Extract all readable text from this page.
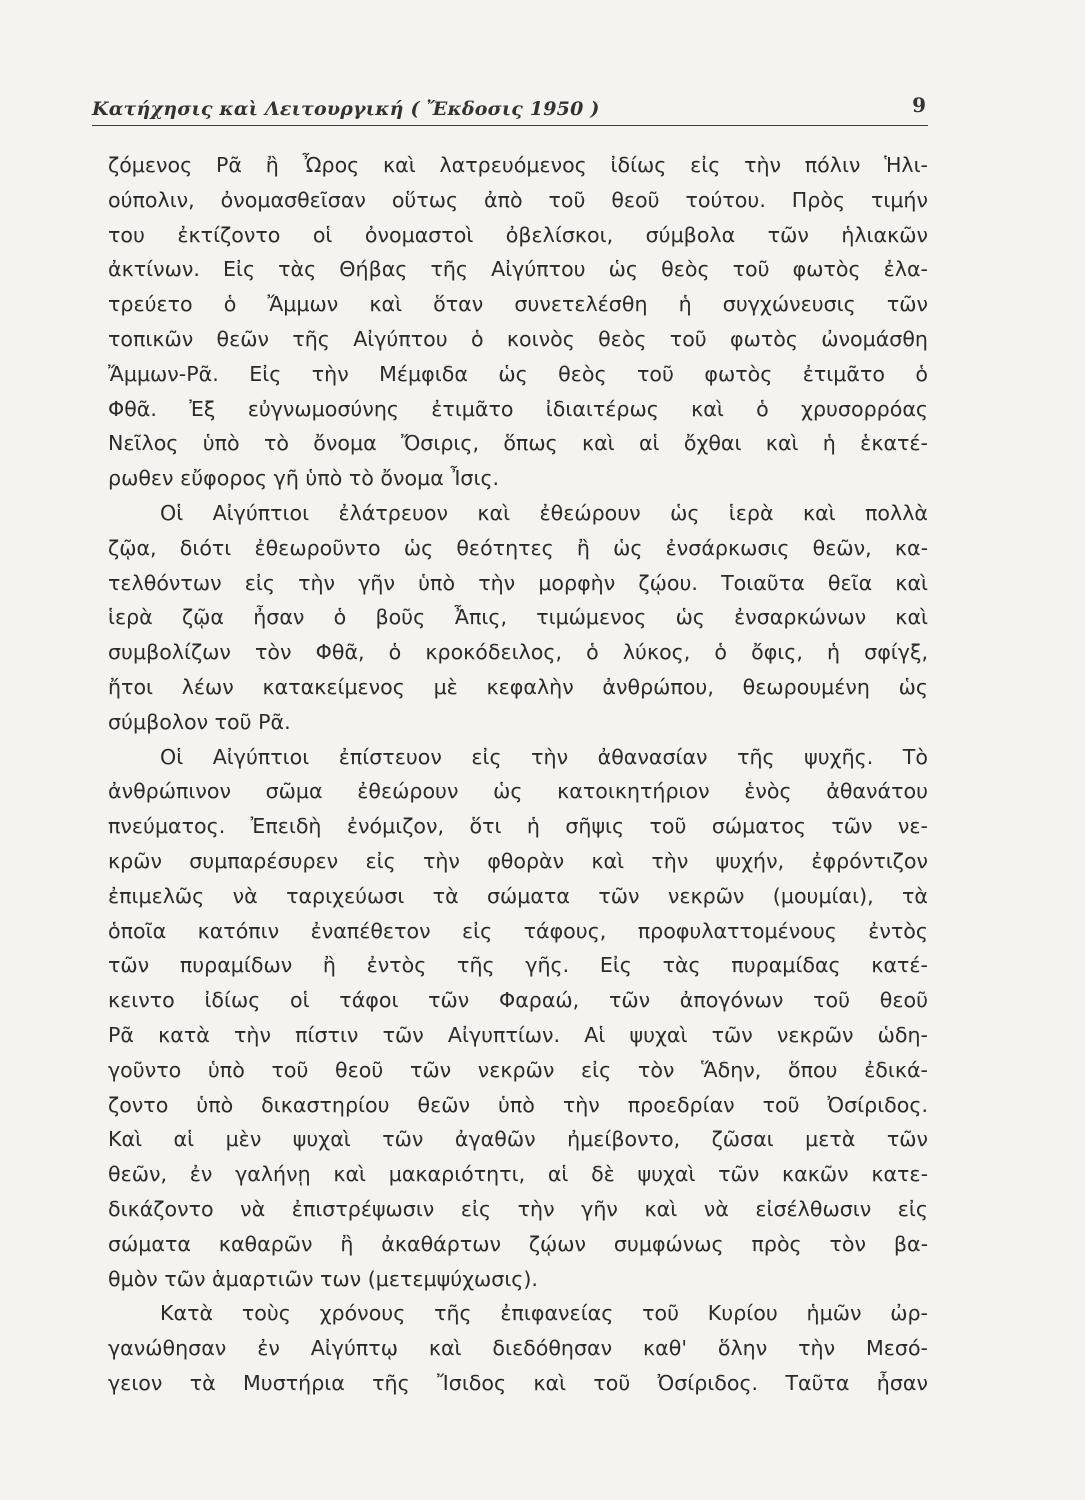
Κατήχησις καὶ Λειτουργική ( Ἔκδοσις 1950 )	9
ζόμενος Ρᾶ ἢ Ὦρος καὶ λατρευόμενος ἰδίως εἰς τὴν πόλιν Ἡλι-
ούπολιν, ὀνομασθεῖσαν οὕτως ἀπὸ τοῦ θεοῦ τούτου. Πρὸς τιμήν
του ἐκτίζοντο οἱ ὀνομαστοὶ ὀβελίσκοι, σύμβολα τῶν ἡλιακῶν
ἀκτίνων. Εἰς τὰς Θήβας τῆς Αἰγύπτου ὡς θεὸς τοῦ φωτὸς ἐλα-
τρεύετο ὁ Ἄμμων καὶ ὅταν συνετελέσθη ἡ συγχώνευσις τῶν
τοπικῶν θεῶν τῆς Αἰγύπτου ὁ κοινὸς θεὸς τοῦ φωτὸς ὠνομάσθη
Ἄμμων-Ρᾶ. Εἰς τὴν Μέμφιδα ὡς θεὸς τοῦ φωτὸς ἐτιμᾶτο ὁ
Φθᾶ. Ἐξ εὐγνωμοσύνης ἐτιμᾶτο ἰδιαιτέρως καὶ ὁ χρυσορρόας
Νεῖλος ὑπὸ τὸ ὄνομα Ὄσιρις, ὅπως καὶ αἱ ὄχθαι καὶ ἡ ἑκατέ-
ρωθεν εὔφορος γῆ ὑπὸ τὸ ὄνομα Ἶσις.
Οἱ Αἰγύπτιοι ἐλάτρευον καὶ ἐθεώρουν ὡς ἱερὰ καὶ πολλὰ
ζῷα, διότι ἐθεωροῦντο ὡς θεότητες ἢ ὡς ἐνσάρκωσις θεῶν, κα-
τελθόντων εἰς τὴν γῆν ὑπὸ τὴν μορφὴν ζῴου. Τοιαῦτα θεῖα καὶ
ἱερὰ ζῷα ἦσαν ὁ βοῦς Ἆπις, τιμώμενος ὡς ἐνσαρκώνων καὶ
συμβολίζων τὸν Φθᾶ, ὁ κροκόδειλος, ὁ λύκος, ὁ ὄφις, ἡ σφίγξ,
ἤτοι λέων κατακείμενος μὲ κεφαλὴν ἀνθρώπου, θεωρουμένη ὡς
σύμβολον τοῦ Ρᾶ.
Οἱ Αἰγύπτιοι ἐπίστευον εἰς τὴν ἀθανασίαν τῆς ψυχῆς. Τὸ
ἀνθρώπινον σῶμα ἐθεώρουν ὡς κατοικητήριον ἑνὸς ἀθανάτου
πνεύματος. Ἐπειδὴ ἐνόμιζον, ὅτι ἡ σῆψις τοῦ σώματος τῶν νε-
κρῶν συμπαρέσυρεν εἰς τὴν φθορὰν καὶ τὴν ψυχήν, ἐφρόντιζον
ἐπιμελῶς νὰ ταριχεύωσι τὰ σώματα τῶν νεκρῶν (μουμίαι), τὰ
ὁποῖα κατόπιν ἐναπέθετον εἰς τάφους, προφυλαττομένους ἐντὸς
τῶν πυραμίδων ἢ ἐντὸς τῆς γῆς. Εἰς τὰς πυραμίδας κατέ-
κειντο ἰδίως οἱ τάφοι τῶν Φαραώ, τῶν ἀπογόνων τοῦ θεοῦ
Ρᾶ κατὰ τὴν πίστιν τῶν Αἰγυπτίων. Αἱ ψυχαὶ τῶν νεκρῶν ὡδη-
γοῦντο ὑπὸ τοῦ θεοῦ τῶν νεκρῶν εἰς τὸν Ἅδην, ὅπου ἐδικά-
ζοντο ὑπὸ δικαστηρίου θεῶν ὑπὸ τὴν προεδρίαν τοῦ Ὀσίριδος.
Καὶ αἱ μὲν ψυχαὶ τῶν ἀγαθῶν ἠμείβοντο, ζῶσαι μετὰ τῶν
θεῶν, ἐν γαλήνῃ καὶ μακαριότητι, αἱ δὲ ψυχαὶ τῶν κακῶν κατε-
δικάζοντο νὰ ἐπιστρέψωσιν εἰς τὴν γῆν καὶ νὰ εἰσέλθωσιν εἰς
σώματα καθαρῶν ἢ ἀκαθάρτων ζῴων συμφώνως πρὸς τὸν βα-
θμὸν τῶν ἁμαρτιῶν των (μετεμψύχωσις).
Κατὰ τοὺς χρόνους τῆς ἐπιφανείας τοῦ Κυρίου ἡμῶν ὠρ-
γανώθησαν ἐν Αἰγύπτῳ καὶ διεδόθησαν καθ' ὅλην τὴν Μεσό-
γειον τὰ Μυστήρια τῆς Ἴσιδος καὶ τοῦ Ὀσίριδος. Ταῦτα ἦσαν
